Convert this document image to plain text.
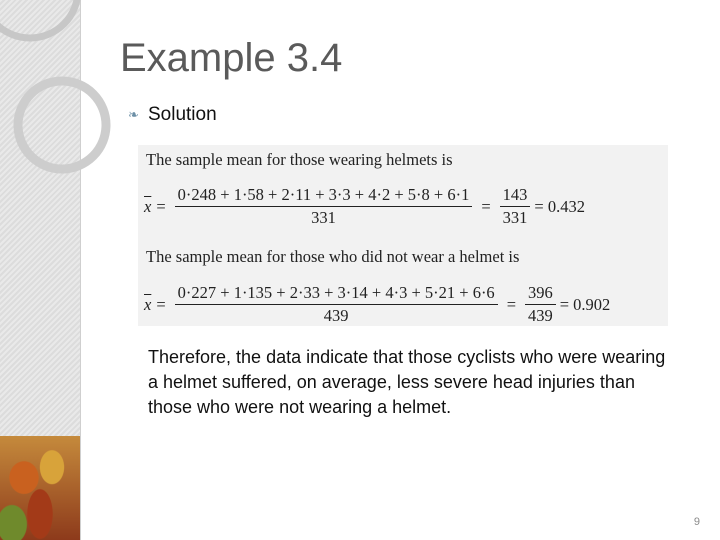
Example 3.4
❧ Solution
The sample mean for those wearing helmets is
$\overline{x} = \frac{0\cdot 248 + 1\cdot 58 + 2\cdot 11 + 3\cdot 3 + 4\cdot 2 + 5\cdot 8 + 6\cdot 1}{331} = \frac{143}{331} = 0.432$
The sample mean for those who did not wear a helmet is
$\overline{x} = \frac{0\cdot 227 + 1\cdot 135 + 2\cdot 33 + 3\cdot 14 + 4\cdot 3 + 5\cdot 21 + 6\cdot 6}{439} = \frac{396}{439} = 0.902$
Therefore, the data indicate that those cyclists who were wearing a helmet suffered, on average, less severe head injuries than those who were not wearing a helmet.
9
